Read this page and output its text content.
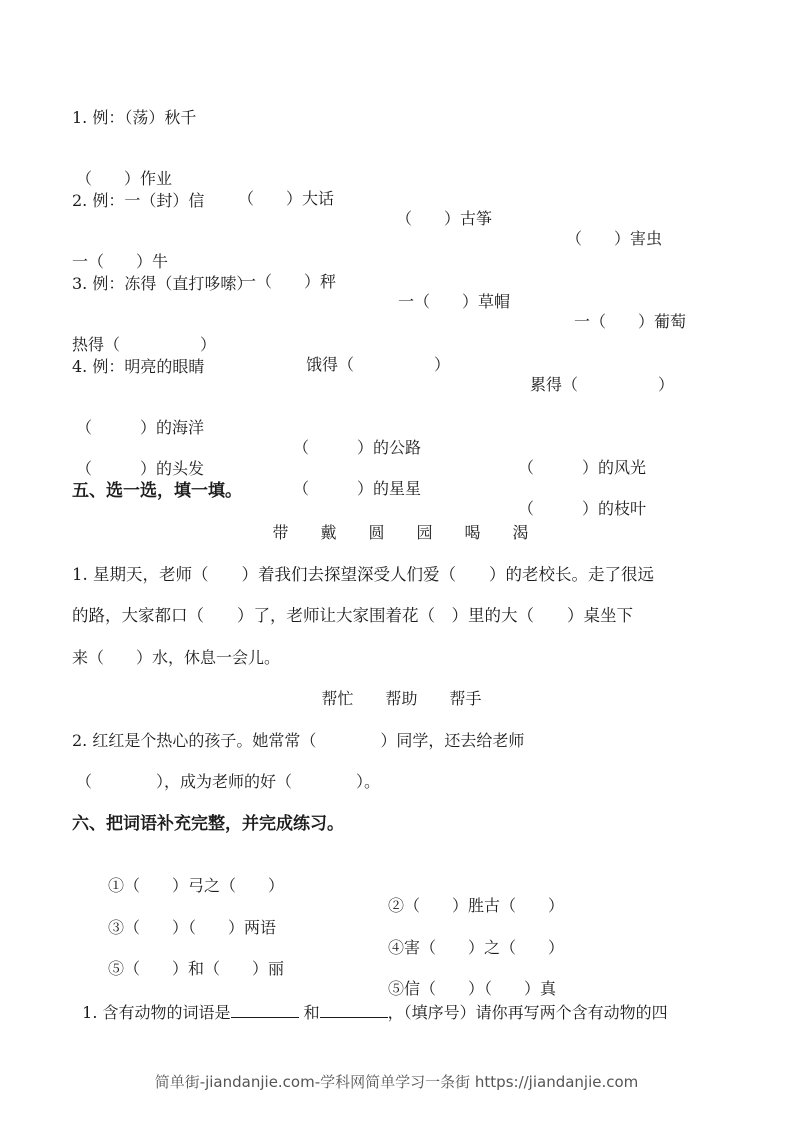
1. 例：（荡）秋千

（　　）作业

（　　）大话

（　　）古筝

（　　）害虫

2. 例：一（封）信

一（　　）牛

一（　　）秤

一（　　）草帽

一（　　）葡萄

3. 例：冻得（直打哆嗦）

热得（　　　　　）

饿得（　　　　　）

累得（　　　　　）

4. 例：明亮的眼睛

（　　　）的海洋

（　　　）的公路

（　　　）的风光

（　　　）的头发

（　　　）的星星

（　　　）的枝叶

五、选一选，填一填。
带　　戴　　圆　　园　　喝　　渴
1. 星期天，老师（　　）着我们去探望深受人们爱（　　）的老校长。走了很远
的路，大家都口（　　）了，老师让大家围着花（　）里的大（　　）桌坐下
来（　　）水，休息一会儿。
帮忙　　帮助　　帮手
2. 红红是个热心的孩子。她常常（　　　　）同学，还去给老师
（　　　　），成为老师的好（　　　　）。
六、把词语补充完整，并完成练习。

①（　　）弓之（　　）

②（　　）胜古（　　）

③（　　）（　　）两语

④害（　　）之（　　）

⑤（　　）和（　　）丽

⑤信（　　）（　　）真

1. 含有动物的词语是	和	，（填序号）请你再写两个含有动物的四

简单街-jiandanjie.com-学科网简单学习一条街 https://jiandanjie.com
